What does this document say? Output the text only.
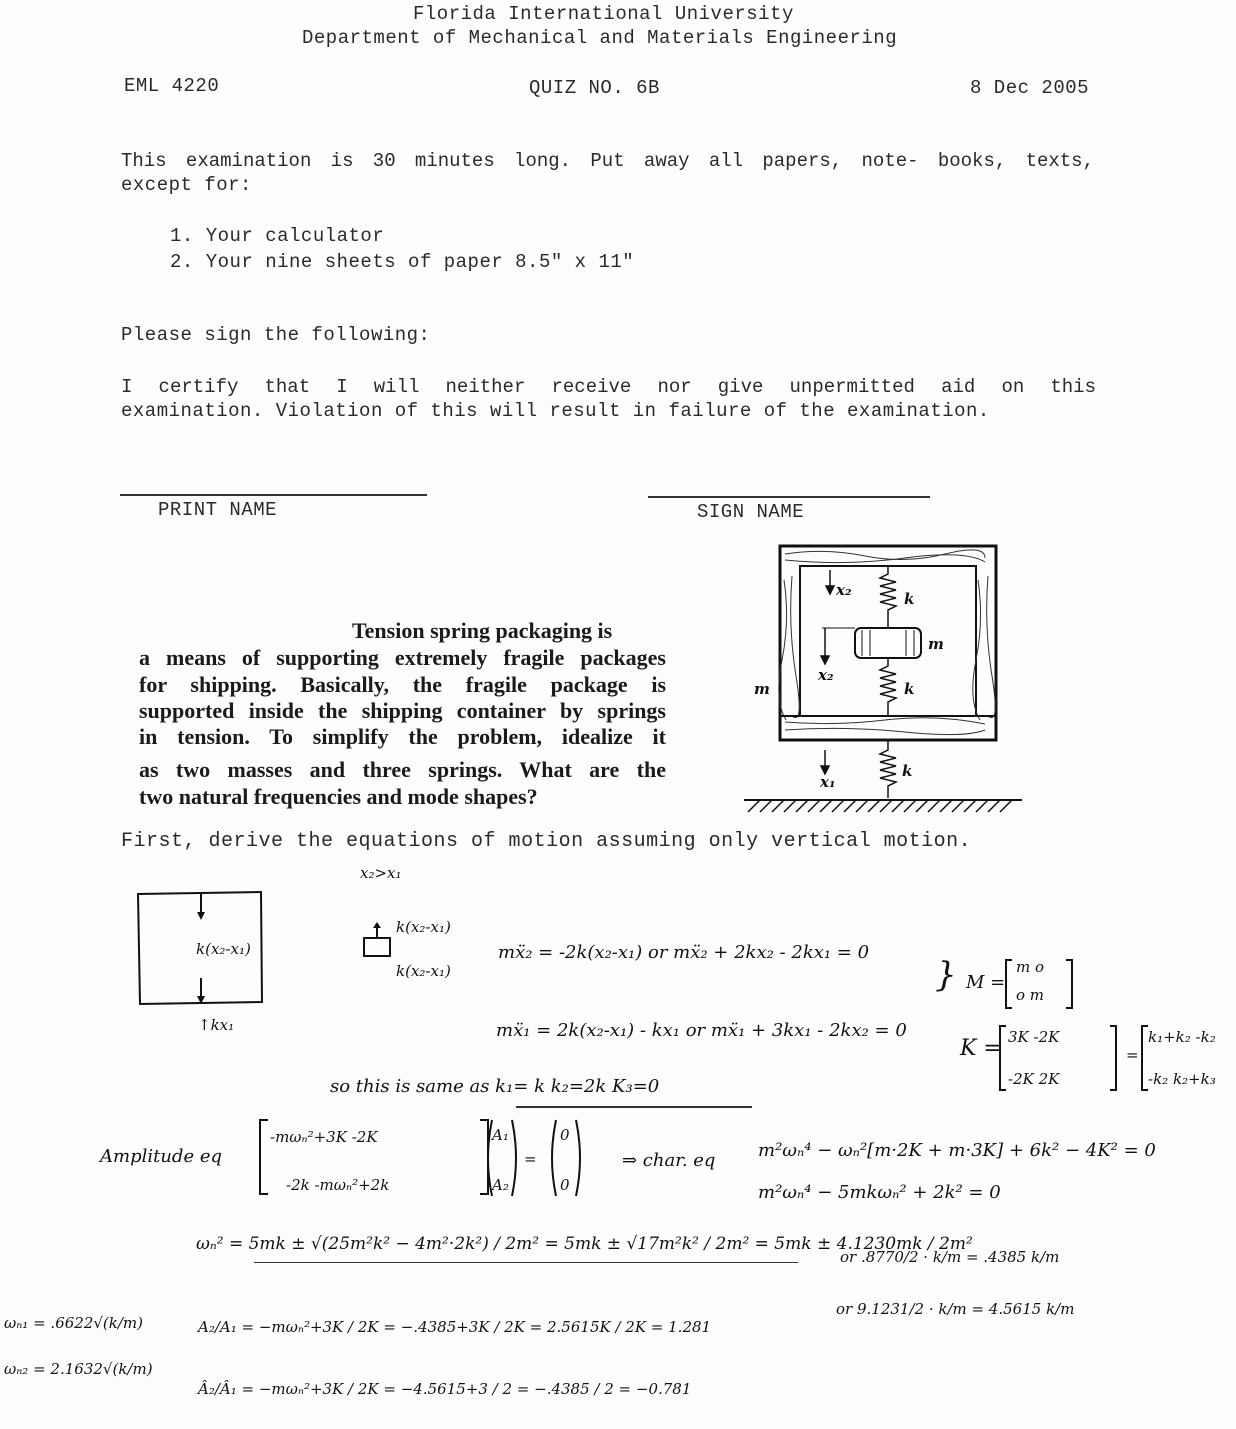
Florida International University
Department of Mechanical and Materials Engineering
EML 4220	QUIZ NO. 6B	8 Dec 2005
This examination is 30 minutes long. Put away all papers, note- books, texts,
except for:
1. Your calculator
2. Your nine sheets of paper 8.5" x 11"
Please sign the following:
I certify that I will neither receive nor give unpermitted aid on this
examination. Violation of this will result in failure of the examination.
PRINT NAME	SIGN NAME
Tension spring packaging is
a means of supporting extremely fragile packages
for shipping. Basically, the fragile package is
supported inside the shipping container by springs
in tension. To simplify the problem, idealize it
as two masses and three springs. What are the
two natural frequencies and mode shapes?
x₂	k
m
x₂
k
m
x₁
k
First, derive the equations of motion assuming only vertical motion.
x₂>x₁
k(x₂-x₁)
↑kx₁
k(x₂-x₁)
k(x₂-x₁)
mẍ₂ = -2k(x₂-x₁) or mẍ₂ + 2kx₂ - 2kx₁ = 0
mẍ₁ = 2k(x₂-x₁) - kx₁ or mẍ₁ + 3kx₁ - 2kx₂ = 0
} M =
m o
o m
K = 3K -2K
-2K 2K
=
k₁+k₂ -k₂
-k₂ k₂+k₃
so this is same as k₁= k k₂=2k K₃=0
Amplitude eq
-mωₙ²+3K -2K
-2k -mωₙ²+2k
A₁
A₂
=
0
0
⇒ char. eq m²ωₙ⁴ − ωₙ²[m·2K + m·3K] + 6k² − 4K² = 0
m²ωₙ⁴ − 5mkωₙ² + 2k² = 0
ωₙ² = 5mk ± √(25m²k² − 4m²·2k²) / 2m² = 5mk ± √17m²k² / 2m² = 5mk ± 4.1230mk / 2m²
or .8770/2 · k/m = .4385 k/m
or 9.1231/2 · k/m = 4.5615 k/m
ωₙ₁ = .6622√(k/m)
ωₙ₂ = 2.1632√(k/m)
A₂/A₁ = −mωₙ²+3K / 2K = −.4385+3K / 2K = 2.5615K / 2K = 1.281
Â₂/Â₁ = −mωₙ²+3K / 2K = −4.5615+3 / 2 = −.4385 / 2 = −0.781
